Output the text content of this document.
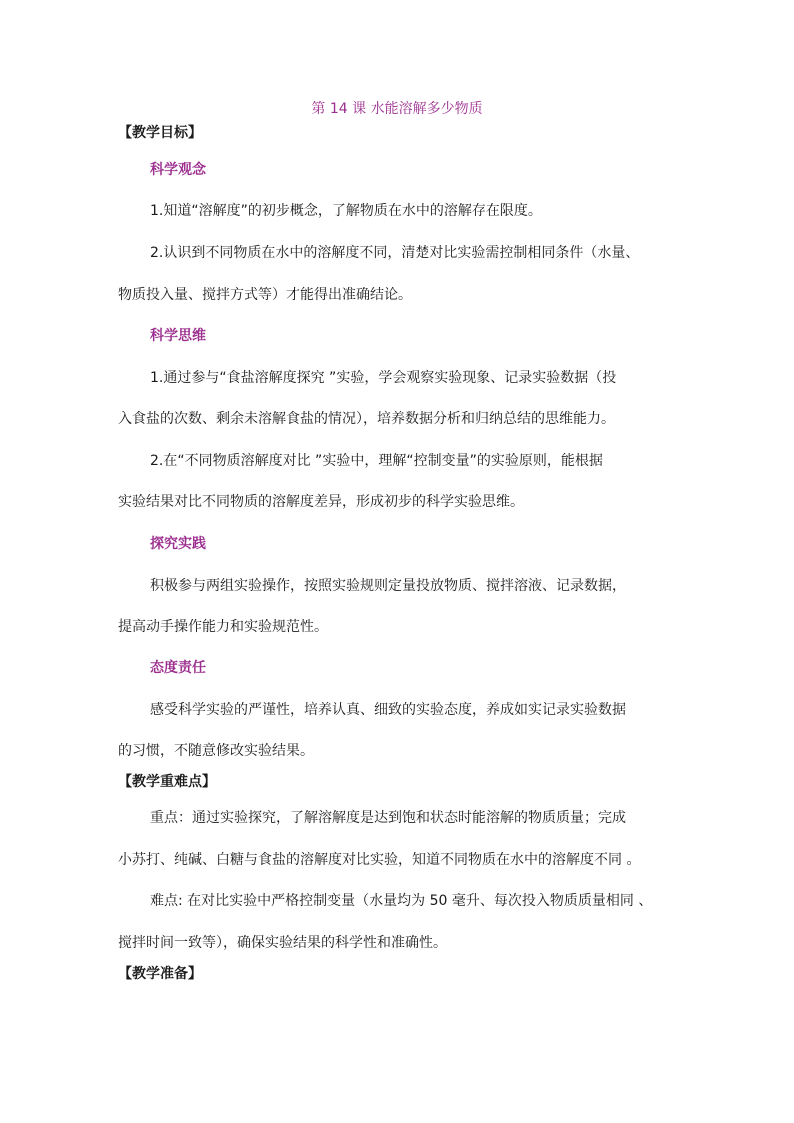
第 14 课 水能溶解多少物质
【教学目标】
科学观念
1.知道“溶解度”的初步概念，了解物质在水中的溶解存在限度。
2.认识到不同物质在水中的溶解度不同，清楚对比实验需控制相同条件（水量、
物质投入量、搅拌方式等）才能得出准确结论。
科学思维
1.通过参与“食盐溶解度探究 ”实验，学会观察实验现象、记录实验数据（投
入食盐的次数、剩余未溶解食盐的情况），培养数据分析和归纳总结的思维能力。
2.在“不同物质溶解度对比 ”实验中，理解“控制变量”的实验原则，能根据
实验结果对比不同物质的溶解度差异，形成初步的科学实验思维。
探究实践
积极参与两组实验操作，按照实验规则定量投放物质、搅拌溶液、记录数据，
提高动手操作能力和实验规范性。
态度责任
感受科学实验的严谨性，培养认真、细致的实验态度，养成如实记录实验数据
的习惯，不随意修改实验结果。
【教学重难点】
重点：通过实验探究，了解溶解度是达到饱和状态时能溶解的物质质量；完成
小苏打、纯碱、白糖与食盐的溶解度对比实验，知道不同物质在水中的溶解度不同 。
难点: 在对比实验中严格控制变量（水量均为 50 毫升、每次投入物质质量相同 、
搅拌时间一致等），确保实验结果的科学性和准确性。
【教学准备】
